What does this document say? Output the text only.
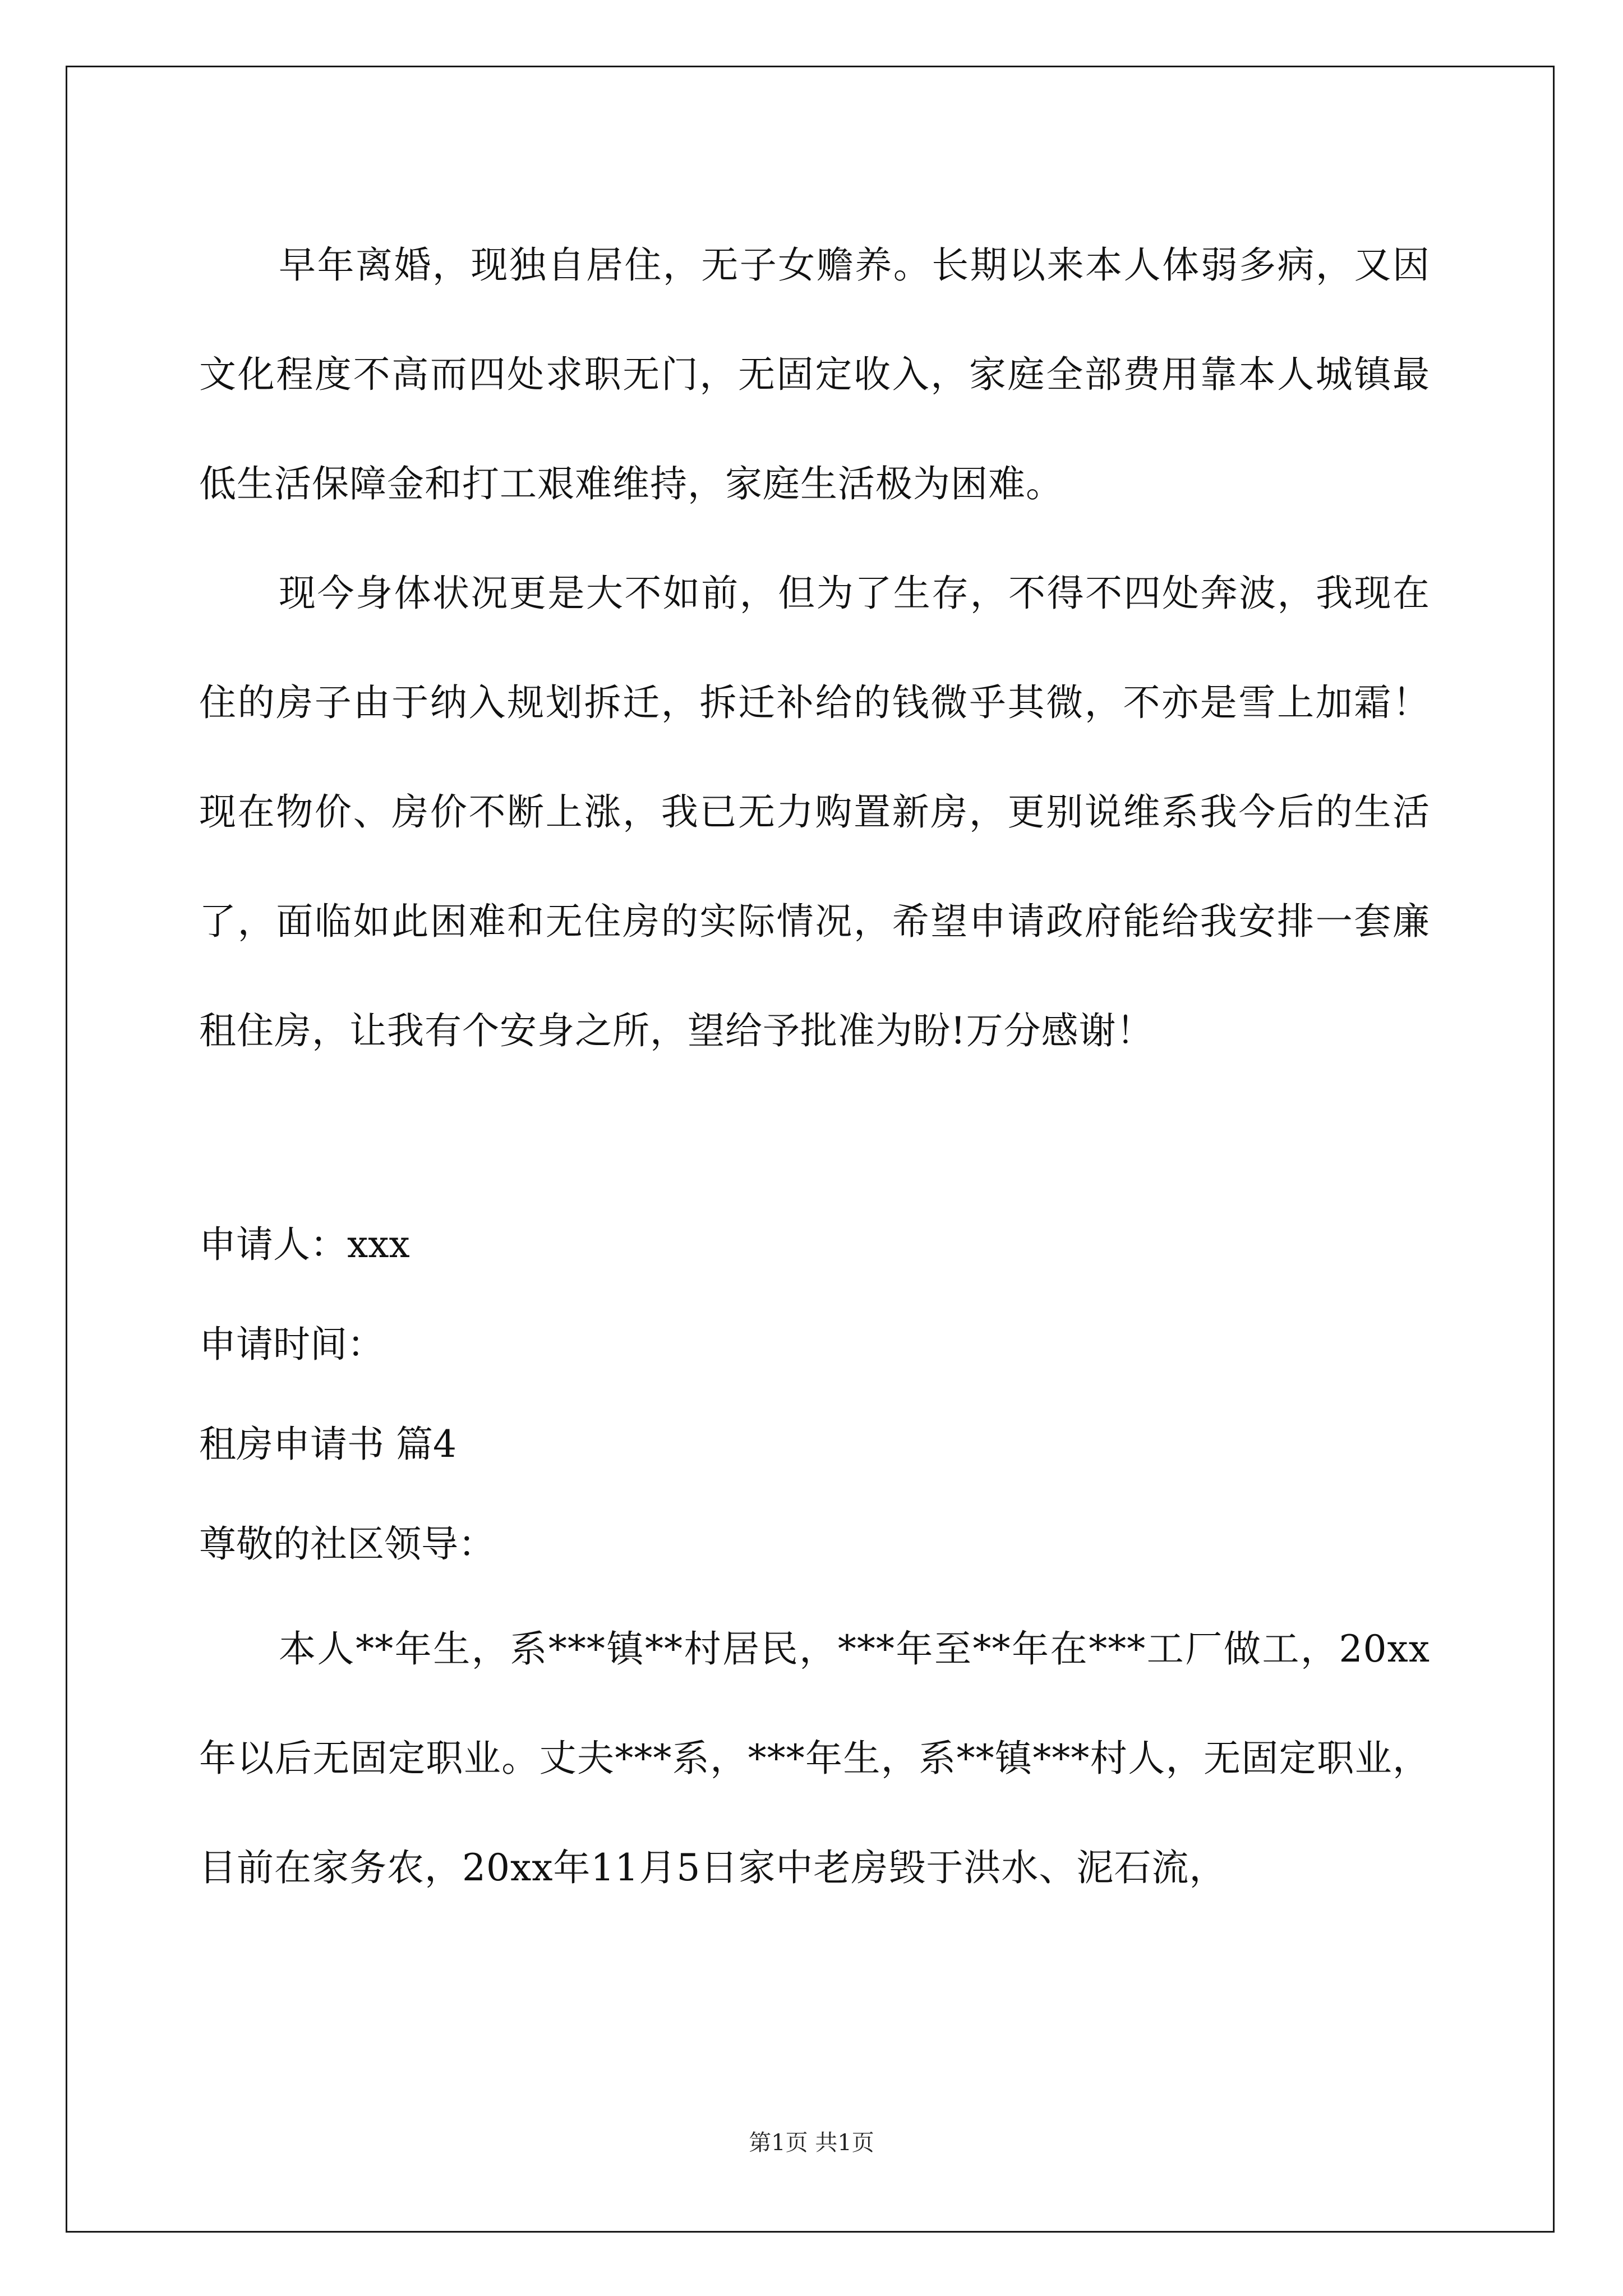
早年离婚，现独自居住，无子女赡养。长期以来本人体弱多病，又因文化程度不高而四处求职无门，无固定收入，家庭全部费用靠本人城镇最低生活保障金和打工艰难维持，家庭生活极为困难。

现今身体状况更是大不如前，但为了生存，不得不四处奔波，我现在住的房子由于纳入规划拆迁，拆迁补给的钱微乎其微，不亦是雪上加霜！现在物价、房价不断上涨，我已无力购置新房，更别说维系我今后的生活了，面临如此困难和无住房的实际情况，希望申请政府能给我安排一套廉租住房，让我有个安身之所，望给予批准为盼!万分感谢！

申请人：xxx

申请时间：

租房申请书 篇4

尊敬的社区领导：

本人**年生，系***镇**村居民，***年至**年在***工厂做工，20xx年以后无固定职业。丈夫***系，***年生，系**镇***村人，无固定职业，目前在家务农，20xx年11月5日家中老房毁于洪水、泥石流，

第1页 共1页
